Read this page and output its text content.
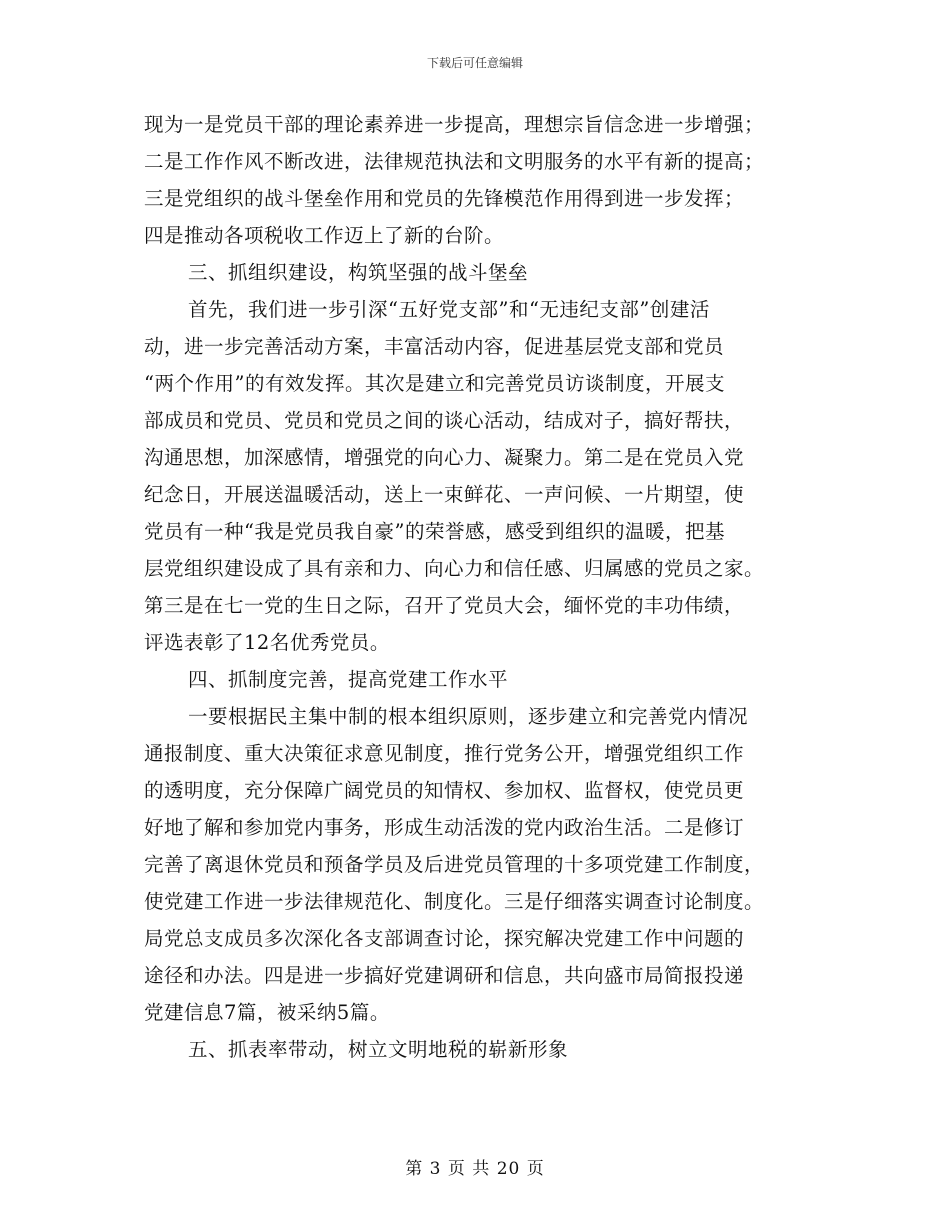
下载后可任意编辑
现为一是党员干部的理论素养进一步提高，理想宗旨信念进一步增强；
二是工作作风不断改进，法律规范执法和文明服务的水平有新的提高；
三是党组织的战斗堡垒作用和党员的先锋模范作用得到进一步发挥；
四是推动各项税收工作迈上了新的台阶。
三、抓组织建设，构筑坚强的战斗堡垒
首先，我们进一步引深“五好党支部”和“无违纪支部”创建活
动，进一步完善活动方案，丰富活动内容，促进基层党支部和党员
“两个作用”的有效发挥。其次是建立和完善党员访谈制度，开展支
部成员和党员、党员和党员之间的谈心活动，结成对子，搞好帮扶，
沟通思想，加深感情，增强党的向心力、凝聚力。第二是在党员入党
纪念日，开展送温暖活动，送上一束鲜花、一声问候、一片期望，使
党员有一种“我是党员我自豪”的荣誉感，感受到组织的温暖，把基
层党组织建设成了具有亲和力、向心力和信任感、归属感的党员之家。
第三是在七一党的生日之际，召开了党员大会，缅怀党的丰功伟绩，
评选表彰了12名优秀党员。
四、抓制度完善，提高党建工作水平
一要根据民主集中制的根本组织原则，逐步建立和完善党内情况
通报制度、重大决策征求意见制度，推行党务公开，增强党组织工作
的透明度，充分保障广阔党员的知情权、参加权、监督权，使党员更
好地了解和参加党内事务，形成生动活泼的党内政治生活。二是修订
完善了离退休党员和预备学员及后进党员管理的十多项党建工作制度，
使党建工作进一步法律规范化、制度化。三是仔细落实调查讨论制度。
局党总支成员多次深化各支部调查讨论，探究解决党建工作中问题的
途径和办法。四是进一步搞好党建调研和信息，共向盛市局简报投递
党建信息7篇，被采纳5篇。
五、抓表率带动，树立文明地税的崭新形象
第 3 页 共 20 页
